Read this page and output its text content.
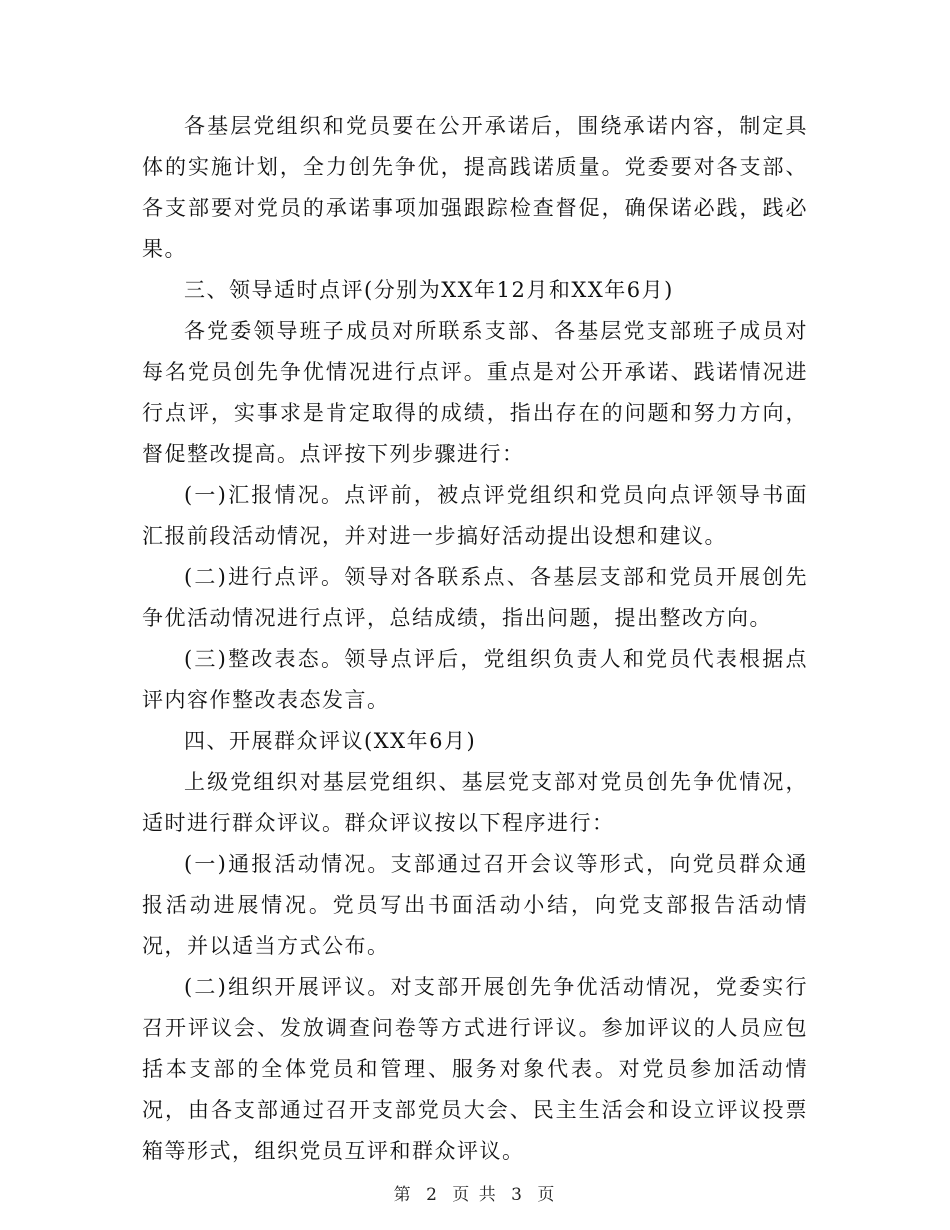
各基层党组织和党员要在公开承诺后，围绕承诺内容，制定具体的实施计划，全力创先争优，提高践诺质量。党委要对各支部、各支部要对党员的承诺事项加强跟踪检查督促，确保诺必践，践必果。

三、领导适时点评(分别为XX年12月和XX年6月)

各党委领导班子成员对所联系支部、各基层党支部班子成员对每名党员创先争优情况进行点评。重点是对公开承诺、践诺情况进行点评，实事求是肯定取得的成绩，指出存在的问题和努力方向，督促整改提高。点评按下列步骤进行：

(一)汇报情况。点评前，被点评党组织和党员向点评领导书面汇报前段活动情况，并对进一步搞好活动提出设想和建议。

(二)进行点评。领导对各联系点、各基层支部和党员开展创先争优活动情况进行点评，总结成绩，指出问题，提出整改方向。

(三)整改表态。领导点评后，党组织负责人和党员代表根据点评内容作整改表态发言。

四、开展群众评议(XX年6月)

上级党组织对基层党组织、基层党支部对党员创先争优情况，适时进行群众评议。群众评议按以下程序进行：

(一)通报活动情况。支部通过召开会议等形式，向党员群众通报活动进展情况。党员写出书面活动小结，向党支部报告活动情况，并以适当方式公布。

(二)组织开展评议。对支部开展创先争优活动情况，党委实行召开评议会、发放调查问卷等方式进行评议。参加评议的人员应包括本支部的全体党员和管理、服务对象代表。对党员参加活动情况，由各支部通过召开支部党员大会、民主生活会和设立评议投票箱等形式，组织党员互评和群众评议。

第 2 页 共 3 页
